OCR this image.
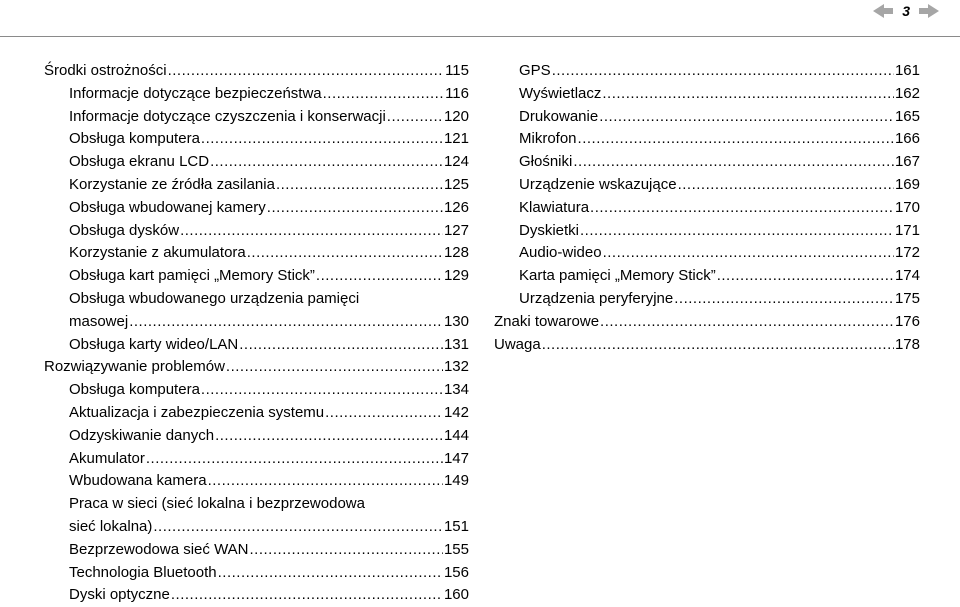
3
Środki ostrożności .....	115
Informacje dotyczące bezpieczeństwa .....	116
Informacje dotyczące czyszczenia i konserwacji .....	120
Obsługa komputera .....	121
Obsługa ekranu LCD .....	124
Korzystanie ze źródła zasilania .....	125
Obsługa wbudowanej kamery .....	126
Obsługa dysków .....	127
Korzystanie z akumulatora .....	128
Obsługa kart pamięci „Memory Stick” .....	129
Obsługa wbudowanego urządzenia pamięci
masowej .....	130
Obsługa karty wideo/LAN .....	131
Rozwiązywanie problemów .....	132
Obsługa komputera .....	134
Aktualizacja i zabezpieczenia systemu .....	142
Odzyskiwanie danych .....	144
Akumulator .....	147
Wbudowana kamera .....	149
Praca w sieci (sieć lokalna i bezprzewodowa
sieć lokalna) .....	151
Bezprzewodowa sieć WAN .....	155
Technologia Bluetooth .....	156
Dyski optyczne .....	160
GPS .....	161
Wyświetlacz .....	162
Drukowanie .....	165
Mikrofon .....	166
Głośniki .....	167
Urządzenie wskazujące .....	169
Klawiatura .....	170
Dyskietki .....	171
Audio-wideo .....	172
Karta pamięci „Memory Stick” .....	174
Urządzenia peryferyjne .....	175
Znaki towarowe .....	176
Uwaga .....	178
